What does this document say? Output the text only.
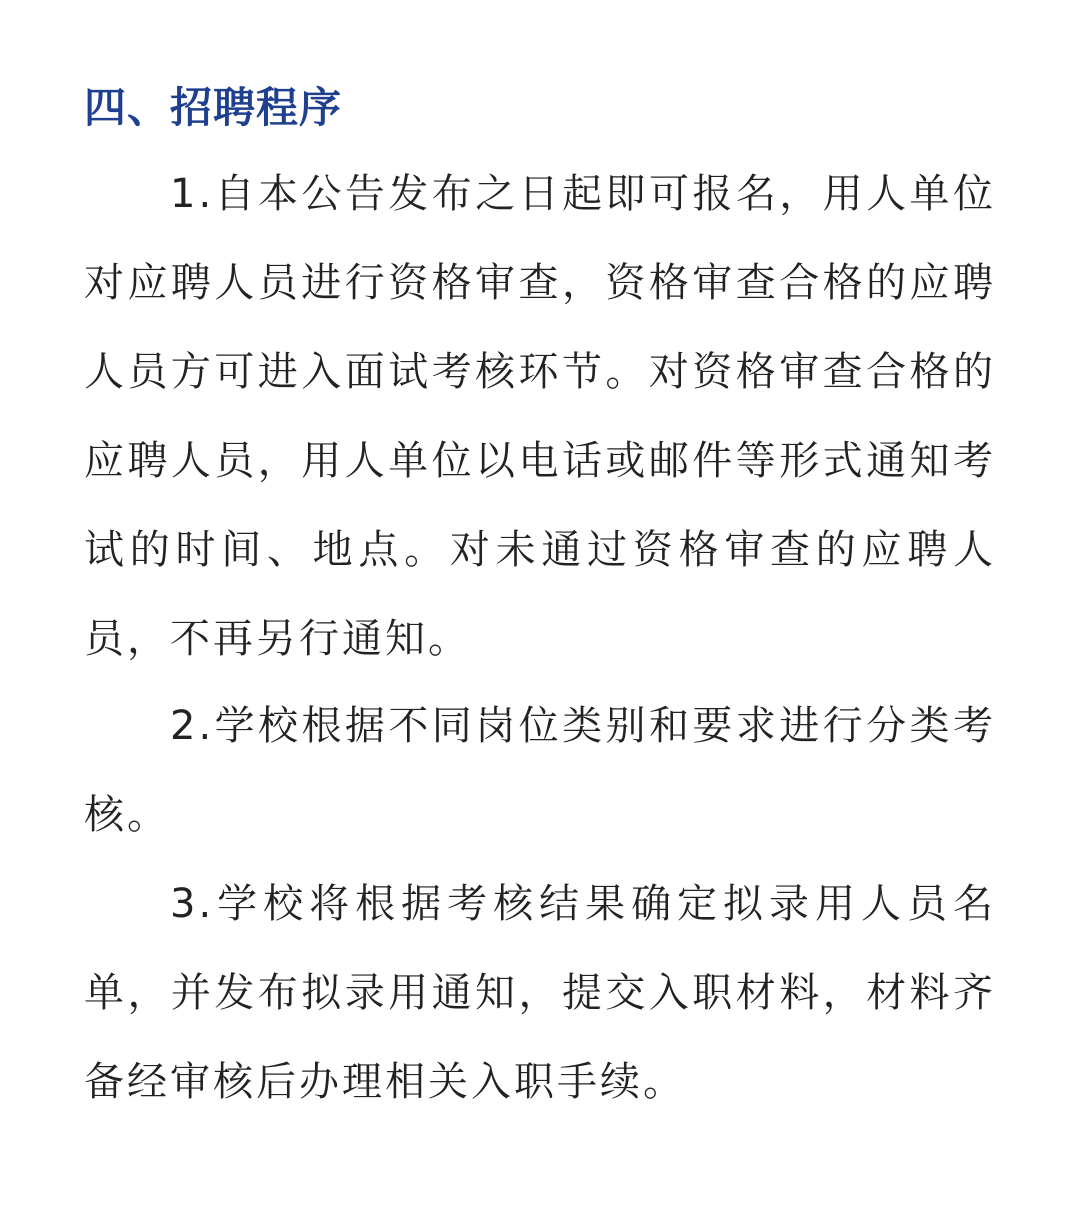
四、招聘程序

1.自本公告发布之日起即可报名，用人单位对应聘人员进行资格审查，资格审查合格的应聘人员方可进入面试考核环节。对资格审查合格的应聘人员，用人单位以电话或邮件等形式通知考试的时间、地点。对未通过资格审查的应聘人员，不再另行通知。

2.学校根据不同岗位类别和要求进行分类考核。

3.学校将根据考核结果确定拟录用人员名单，并发布拟录用通知，提交入职材料，材料齐备经审核后办理相关入职手续。
